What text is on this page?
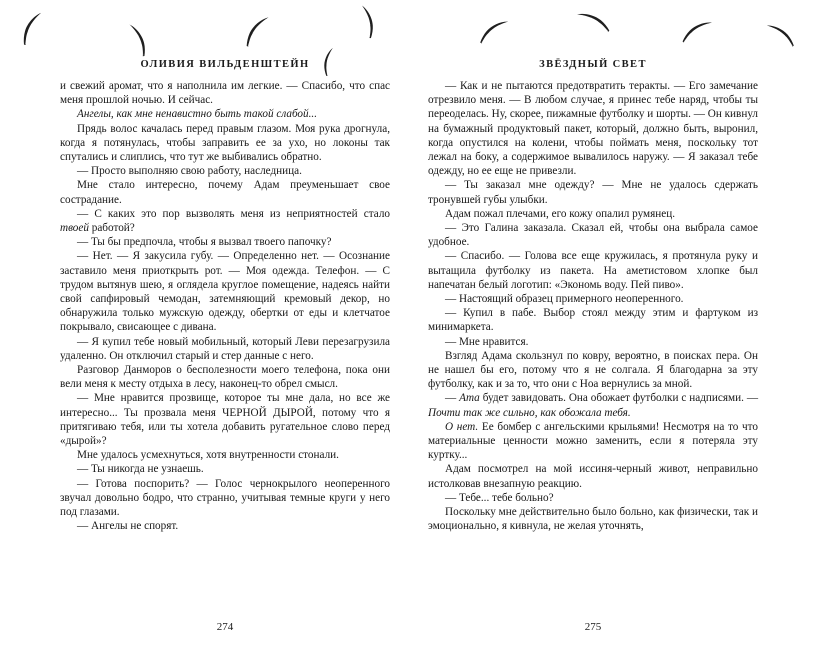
ОЛИВИЯ ВИЛЬДЕНШТЕЙН

и свежий аромат, что я наполнила им легкие. — Спасибо, что спас меня прошлой ночью. И сейчас.

Ангелы, как мне ненавистно быть такой слабой...

Прядь волос качалась перед правым глазом. Моя рука дрогнула, когда я потянулась, чтобы заправить ее за ухо, но локоны так спутались и слиплись, что тут же выбивались обратно.

— Просто выполняю свою работу, наследница.

Мне стало интересно, почему Адам преуменьшает свое сострадание.

— С каких это пор вызволять меня из неприятностей стало твоей работой?

— Ты бы предпочла, чтобы я вызвал твоего папочку?

— Нет. — Я закусила губу. — Определенно нет. — Осознание заставило меня приоткрыть рот. — Моя одежда. Телефон. — С трудом вытянув шею, я оглядела круглое помещение, надеясь найти свой сапфировый чемодан, затемняющий кремовый декор, но обнаружила только мужскую одежду, обертки от еды и клетчатое покрывало, свисающее с дивана.

— Я купил тебе новый мобильный, который Леви перезагрузила удаленно. Он отключил старый и стер данные с него.

Разговор Данморов о бесполезности моего телефона, пока они вели меня к месту отдыха в лесу, наконец-то обрел смысл.

— Мне нравится прозвище, которое ты мне дала, но все же интересно... Ты прозвала меня ЧЕРНОЙ ДЫРОЙ, потому что я притягиваю тебя, или ты хотела добавить ругательное слово перед «дырой»?

Мне удалось усмехнуться, хотя внутренности стонали.

— Ты никогда не узнаешь.

— Готова поспорить? — Голос чернокрылого неоперенного звучал довольно бодро, что странно, учитывая темные круги у него под глазами.

— Ангелы не спорят.

274
ЗВЁЗДНЫЙ СВЕТ

— Как и не пытаются предотвратить теракты. — Его замечание отрезвило меня. — В любом случае, я принес тебе наряд, чтобы ты переоделась. Ну, скорее, пижамные футболку и шорты. — Он кивнул на бумажный продуктовый пакет, который, должно быть, выронил, когда опустился на колени, чтобы поймать меня, поскольку тот лежал на боку, а содержимое вывалилось наружу. — Я заказал тебе одежду, но ее еще не привезли.

— Ты заказал мне одежду? — Мне не удалось сдержать тронувшей губы улыбки.

Адам пожал плечами, его кожу опалил румянец.

— Это Галина заказала. Сказал ей, чтобы она выбрала самое удобное.

— Спасибо. — Голова все еще кружилась, я протянула руку и вытащила футболку из пакета. На аметистовом хлопке был напечатан белый логотип: «Экономь воду. Пей пиво».

— Настоящий образец примерного неоперенного.

— Купил в пабе. Выбор стоял между этим и фартуком из минимаркета.

— Мне нравится.

Взгляд Адама скользнул по ковру, вероятно, в поисках пера. Он не нашел бы его, потому что я не солгала. Я благодарна за эту футболку, как и за то, что они с Ноа вернулись за мной.

— Ата будет завидовать. Она обожает футболки с надписями. — Почти так же сильно, как обожала тебя.

О нет. Ее бомбер с ангельскими крыльями! Несмотря на то что материальные ценности можно заменить, если я потеряла эту куртку...

Адам посмотрел на мой иссиня-черный живот, неправильно истолковав внезапную реакцию.

— Тебе... тебе больно?

Поскольку мне действительно было больно, как физически, так и эмоционально, я кивнула, не желая уточнять,

275
